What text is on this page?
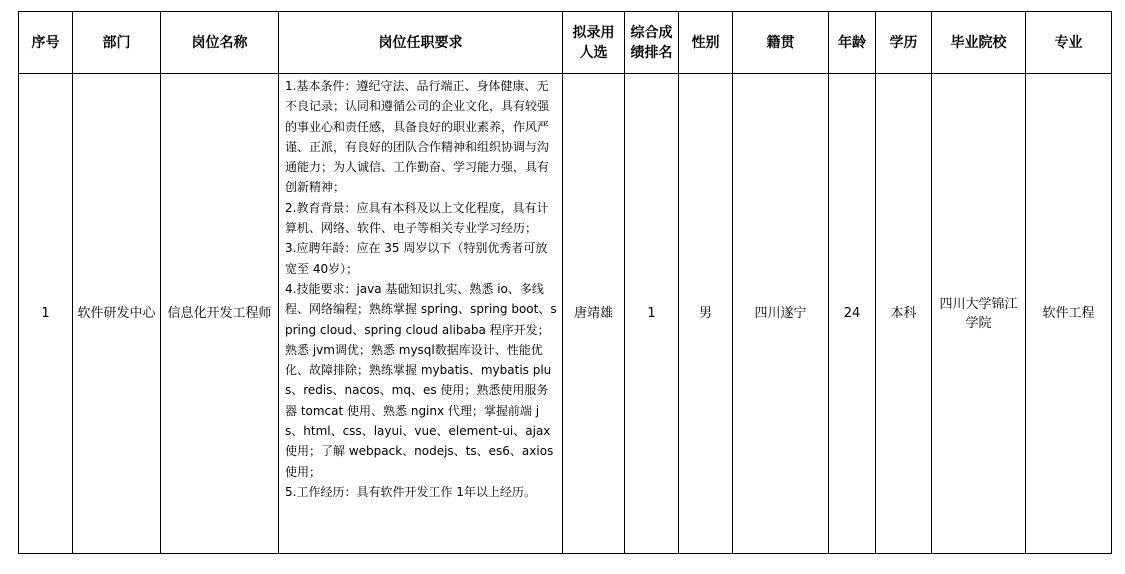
序号	部门	岗位名称	岗位任职要求	拟录用人选	综合成绩排名	性别	籍贯	年龄	学历	毕业院校	专业
1	软件研发中心	信息化开发工程师	1.基本条件：遵纪守法、品行端正、身体健康、无不良记录；认同和遵循公司的企业文化，具有较强的事业心和责任感，具备良好的职业素养，作风严谨、正派，有良好的团队合作精神和组织协调与沟通能力；为人诚信、工作勤奋、学习能力强，具有创新精神；
2.教育背景：应具有本科及以上文化程度，具有计算机、网络、软件、电子等相关专业学习经历；
3.应聘年龄：应在 35 周岁以下（特别优秀者可放宽至 40岁）；
4.技能要求：java 基础知识扎实、熟悉 io、多线程、网络编程；熟练掌握 spring、spring boot、spring cloud、spring cloud alibaba 程序开发；熟悉 jvm调优；熟悉 mysql数据库设计、性能优化、故障排除；熟练掌握 mybatis、mybatis plus、redis、nacos、mq、es 使用；熟悉使用服务器 tomcat 使用、熟悉 nginx 代理；掌握前端 js、html、css、layui、vue、element-ui、ajax使用；了解 webpack、nodejs、ts、es6、axios 使用；
5.工作经历：具有软件开发工作 1年以上经历。	唐靖雄	1	男	四川遂宁	24	本科	四川大学锦江学院	软件工程
